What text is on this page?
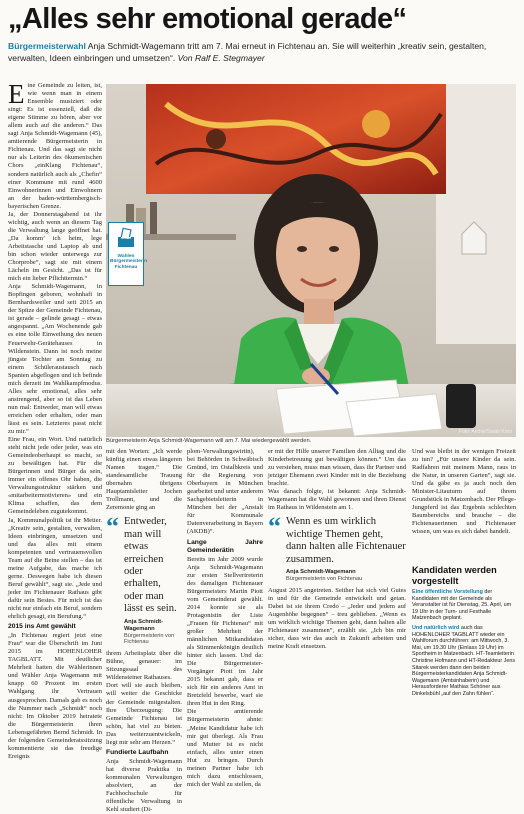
„Alles sehr emotional gerade“
Bürgermeisterwahl Anja Schmidt-Wagemann tritt am 7. Mai erneut in Fichtenau an. Sie will weiterhin „kreativ sein, gestalten, verwalten, Ideen einbringen und umsetzen“. Von Ralf E. Stegmayer

Eine Gemeinde zu leiten, ist, wie wenn man in einem Ensemble musiziert oder singt: Es ist essenziell, daß die eigene Stimme zu hören, aber vor allem auch auf die anderen.“ Das sagt Anja Schmidt-Wagemann (45), amtierende Bürgermeisterin in Fichtenau. Und das sagt sie nicht nur als Leiterin des ökumenischen Chors „einKlang Fichtenau“, sondern natürlich auch als „Chefin“ einer Kommune mit rund 4600 Einwohnerinnen und Einwohnern an der baden-württembergisch-bayerischen Grenze.

Ja, der Donnerstagabend ist ihr wichtig, auch wenn an diesem Tag die Verwaltung lange geöffnet hat. „Da komm’ ich heim, lege Arbeitstasche und Laptop ab und bin schon wieder unterwegs zur Chorprobe“, sagt sie mit einem Lächeln im Gesicht. „Das ist für mich ein lieber Pflichttermin.“

Anja Schmidt-Wagemann, in Bopfingen geboren, wohnhaft in Bernhardsweiler und seit 2015 an der Spitze der Gemeinde Fichtenau, ist gerade – gelinde gesagt – etwas angespannt. „Am Wochenende gab es eine tolle Einweihung des neuen Feuerwehr-Gerätehauses in Wildenstein. Dann ist noch meine jüngste Tochter am Sonntag zu einem Schüleraustausch nach Spanien abgeflogen und ich befinde mich derzeit im Wahlkampfmodus. Alles sehr emotional, alles sehr anstrengend, aber so ist das Leben nun mal: Entweder, man will etwas erreichen oder erhalten, oder man lässt es sein. Letzteres passt nicht zu mir.“

Eine Frau, ein Wort. Und natürlich steht nicht jede oder jeder, was ein Gemeindeoberhaupt so macht, so zu bewältigen hat. Für die Bürgerinnen und Bürger da sein, immer ein offenes Ohr haben, die Verwaltungsstruktur stärken und «mitarbeitermotivieren» und ein Klima schaffen, das dem Gemeindeleben zugutekommt.

Ja, Kommunalpolitik ist ihr Metier. „Kreativ sein, gestalten, verwalten, Ideen einbringen, umsetzen und und das alles mit einem kompetenten und vertrauensvollen Team auf die Beine stellen – das ist meine Aufgabe, das mache ich gerne. Deswegen habe ich diesen Beruf gewählt“, sagt sie. „Jede und jeder im Fichtenauer Rathaus gibt dafür sein Bestes. Für mich ist das nicht nur einfach ein Beruf, sondern ehrlich gesagt, ein Berufung.“

2015 ins Amt gewählt

„In Fichtenau regiert jetzt eine Frau“ war die Überschrift im Juni 2015 im HOHENLOHER TAGBLATT. Mit deutlicher Mehrheit hatten die Wählerinnen und Wähler Anja Wagemann mit knapp 60 Prozent im ersten Wahlgang ihr Vertrauen ausgesprochen. Damals gab es noch die Nummer nach „Schmidt“ noch nicht: Im Oktober 2019 heiratete die Bürgermeisterin ihren Lebensgefährten Bernd Schmidt. In der folgenden Gemeinderatssitzung kommentierte sie das freudige Ereignis

Foto: Archiv/Sarah Korn
Wahlen Bürgermeisterin Fichtenau
Bürgermeisterin Anja Schmidt-Wagemann will am 7. Mai wiedergewählt werden.

mit den Worten: „Ich werde künftig einen etwas längeren Namen tragen.“ Die standesamtliche Trauung übernahm übrigens Hauptamtsleiter Jochen Trollmann, und die Zeremonie ging an

“ Entweder, man will etwas erreichen oder erhalten, oder man lässt es sein.
Anja Schmidt-Wagemann
Bürgermeisterin von Fichtenau

ihrem Arbeitsplatz über die Bühne, genauer: im Sitzungssaal des Wildensteiner Rathauses.

Dort will sie auch bleiben, will weiter die Geschicke der Gemeinde mitgestalten. Ihre Überzeugung: Die Gemeinde Fichtenau ist schön, hat viel zu bieten. Das weiterzuentwickeln, liegt mir sehr am Herzen.“

Fundierte Laufbahn

Anja Schmidt-Wagemann hat diverse Praktika in kommunalen Verwaltungen absolviert, an der Fachhochschule für öffentliche Verwaltung in Kehl studiert (Di-

plom-Verwaltungswirtin), bei Behörden in Schwäbisch Gmünd, im Ostalbkreis und für die Regierung von Oberbayern in München gearbeitet und unter anderem Sachgebietsleiterin in München bei der „Anstalt für Kommunale Datenverarbeitung in Bayern (AKDB)“.

Lange Jahre Gemeinderätin

Bereits im Jahr 2009 wurde Anja Schmidt-Wagemann zur ersten Stellvertreterin des damaligen Fichtenauer Bürgermeisters Martin Piott vom Gemeinderat gewählt. 2014 konnte sie als Protagonistin der Liste „Frauen für Fichtenau“ mit großer Mehrheit der männlichen Mitkandidaten als Stimmenkönigin deutlich hinter sich lassen. Und da: Die Bürgermeister-Vorgänger Piott im Jahr 2015 bekannt gab, dass er sich für ein anderes Amt in Bretzfeld bewerbe, warf sie ihren Hut in den Ring.

Die amtierende Bürgermeisterin ahnte: „Meine Kandidatur habe ich mir gut überlegt. Als Frau und Mutter ist es nicht einfach, alles unter einen Hut zu bringen. Durch meinen Partner habe ich mich dazu entschlossen, mich der Wahl zu stellen, da

er mit der Hilfe unserer Familien den Alltag und die Kinderbetreuung gut bewältigen können.“ Um das zu verstehen, muss man wissen, dass ihr Partner und jetziger Ehemann zwei Kinder mit in die Beziehung brachte.

Was danach folgte, ist bekannt: Anja Schmidt-Wagemann hat die Wahl gewonnen und ihren Dienst im Rathaus in Wildenstein am 1.

“ Wenn es um wirklich wichtige Themen geht, dann halten alle Fichtenauer zusammen.
Anja Schmidt-Wagemann
Bürgermeisterin von Fichtenau

August 2015 angetreten. Seither hat sich viel Gutes in und für die Gemeinde entwickelt und getan. Dabei ist sie ihrem Credo – „Jeder und jedem auf Augenhöhe begegnen“ – treu geblieben. „Wenn es um wirklich wichtige Themen geht, dann halten alle Fichtenauer zusammen“, erzählt sie. „Ich bin mir sicher, dass wir das auch in Zukunft arbeiten und meine Kraft einsetzen.

Und was bleibt in der wenigen Freizeit zu tun? „Für unsere Kinder da sein. Radfahren mit meinem Mann, raus in die Natur, in unseren Garten“, sagt sie. Und da gäbe es ja auch noch den Minister-Litauturm auf ihrem Grundstück in Matzenbach. Der Pflege-Jungpferd ist das Ergebnis schlechten Baumbereichs und brauche – die Fichtenauerinnen und Fichtenauer wissen, um was es sich dabei handelt.

Kandidaten werden vorgestellt

Eine öffentliche Vorstellung der Kandidaten mit der Gemeinde als Veranstalter ist für Dienstag, 25. April, um 19 Uhr in der Turn- und Festhalle Matzenbach geplant.

Und natürlich wird auch das HOHENLOHER TAGBLATT wieder ein Wahlforum durchführen: am Mittwoch, 3. Mai, um 19.30 Uhr (Einlass 19 Uhr) im Sportheim in Matzenbach. HT-Teamleiterin Christine Hofmann und HT-Redakteur Jens Sitarek werden dann den beiden Bürgermeisterkandidaten Anja Schmidt-Wagemann (Amtsinhaberin) und Herausforderer Mathias Schöner aus Dinkelsbühl „auf den Zahn fühlen“.
